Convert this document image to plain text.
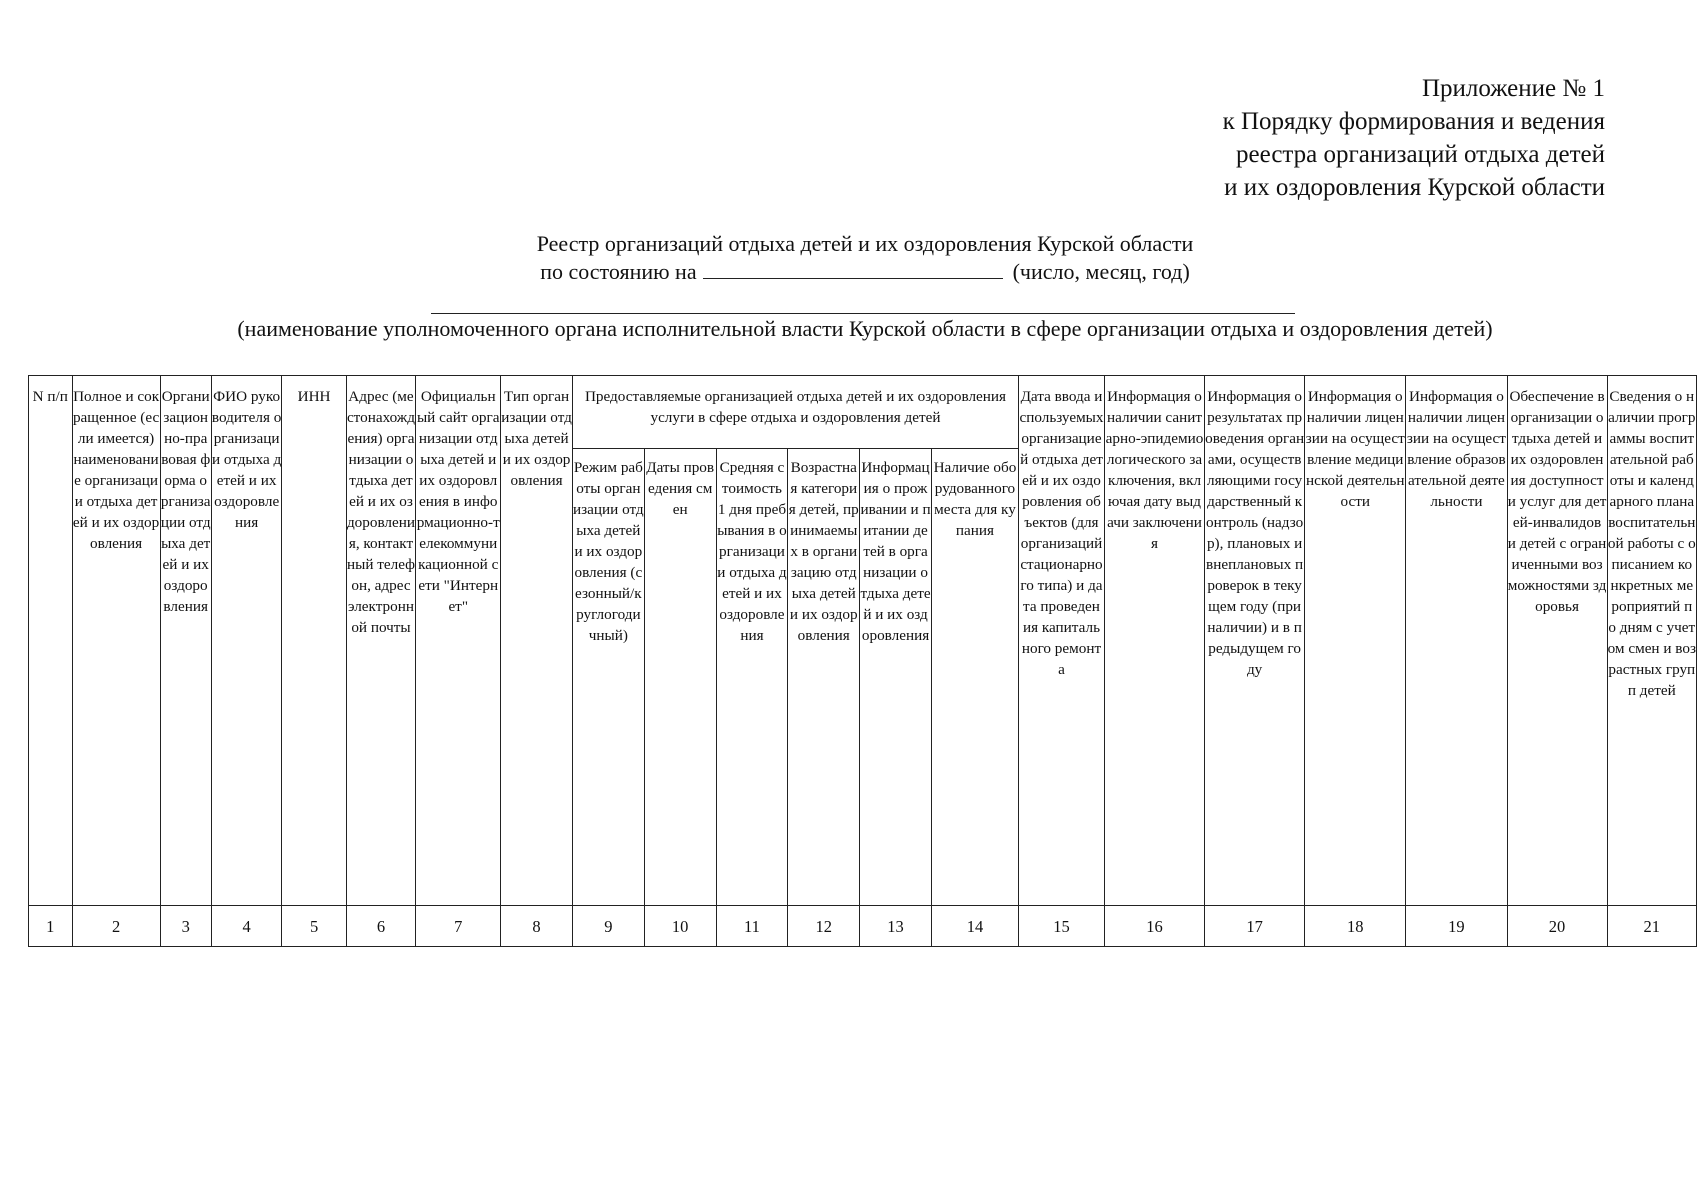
Приложение № 1
к Порядку формирования и ведения
реестра организаций отдыха детей
и их оздоровления Курской области
Реестр организаций отдыха детей и их оздоровления Курской области
по состоянию на	(число, месяц, год)
(наименование уполномоченного органа исполнительной власти Курской области в сфере организации отдыха и оздоровления детей)
N п/п	Полное и сокращенное (если имеется) наименование организации отдыха детей и их оздоровления	Организационно-правовая форма организации отдыха детей и их оздоровления	ФИО руководителя организации отдыха детей и их оздоровления	ИНН	Адрес (местонахождения) организации отдыха детей и их оздоровления, контактный телефон, адрес электронной почты	Официальный сайт организации отдыха детей и их оздоровления в информационно-телекоммуникационной сети "Интернет"	Тип организации отдыха детей и их оздоровления	Предоставляемые организацией отдыха детей и их оздоровления услуги в сфере отдыха и оздоровления детей						Дата ввода используемых организацией отдыха детей и их оздоровления объектов (для организаций стационарного типа) и дата проведения капитального ремонта	Информация о наличии санитарно-эпидемиологического заключения, включая дату выдачи заключения	Информация о результатах проведения органами, осуществляющими государственный контроль (надзор), плановых и внеплановых проверок в текущем году (при наличии) и в предыдущем году	Информация о наличии лицензии на осуществление медицинской деятельности	Информация о наличии лицензии на осуществление образовательной деятельности	Обеспечение в организации отдыха детей и их оздоровления доступности услуг для детей-инвалидов и детей с ограниченными возможностями здоровья	Сведения о наличии программы воспитательной работы и календарного плана воспитательной работы с описанием конкретных мероприятий по дням с учетом смен и возрастных групп детей
								Режим работы организации отдыха детей и их оздоровления (сезонный/круглогодичный)	Даты проведения смен	Средняя стоимость 1 дня пребывания в организации отдыха детей и их оздоровления	Возрастная категория детей, принимаемых в организацию отдыха детей и их оздоровления	Информация о проживании и питании детей в организации отдыха детей и их оздоровления	Наличие оборудованного места для купания							
1	2	3	4	5	6	7	8	9	10	11	12	13	14	15	16	17	18	19	20	21
